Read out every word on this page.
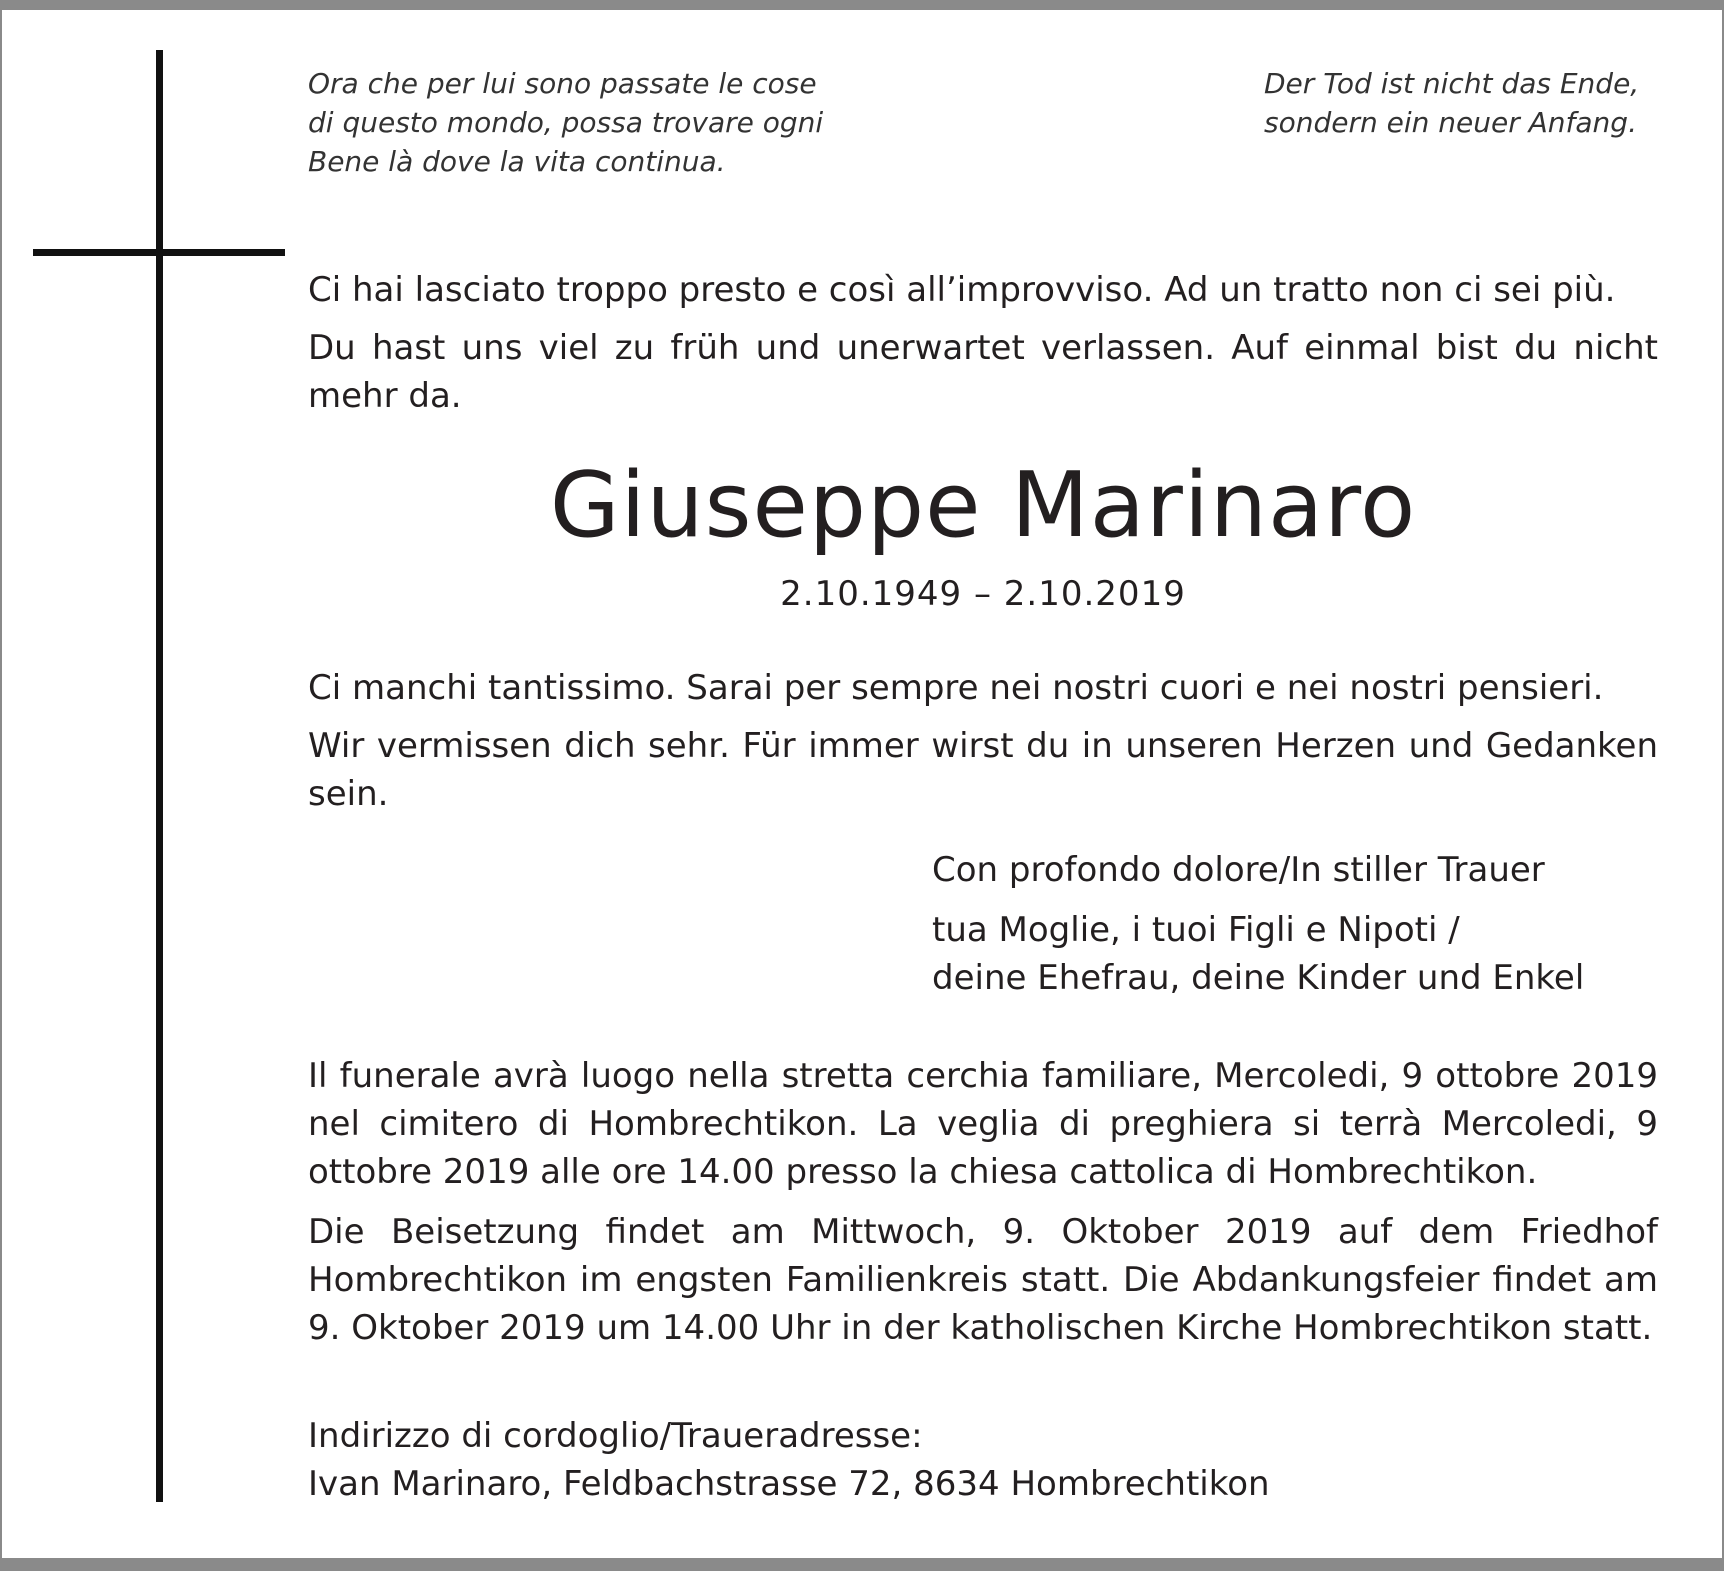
Ora che per lui sono passate le cose
di questo mondo, possa trovare ogni
Bene là dove la vita continua.
Der Tod ist nicht das Ende,
sondern ein neuer Anfang.
Ci hai lasciato troppo presto e così all’improvviso. Ad un tratto non ci sei più.
Du hast uns viel zu früh und unerwartet verlassen. Auf einmal bist du nicht mehr da.
Giuseppe Marinaro
2.10.1949 – 2.10.2019
Ci manchi tantissimo. Sarai per sempre nei nostri cuori e nei nostri pensieri.
Wir vermissen dich sehr. Für immer wirst du in unseren Herzen und Gedanken sein.
Con profondo dolore/In stiller Trauer
tua Moglie, i tuoi Figli e Nipoti /
deine Ehefrau, deine Kinder und Enkel
Il funerale avrà luogo nella stretta cerchia familiare, Mercoledi, 9 ottobre 2019 nel cimitero di Hombrechtikon. La veglia di preghiera si terrà Mercoledi, 9 ottobre 2019 alle ore 14.00 presso la chiesa cattolica di Hombrechtikon.
Die Beisetzung findet am Mittwoch, 9. Oktober 2019 auf dem Friedhof Hombrechtikon im engsten Familienkreis statt. Die Abdankungsfeier findet am 9. Oktober 2019 um 14.00 Uhr in der katholischen Kirche Hombrechtikon statt.
Indirizzo di cordoglio/Traueradresse:
Ivan Marinaro, Feldbachstrasse 72, 8634 Hombrechtikon
